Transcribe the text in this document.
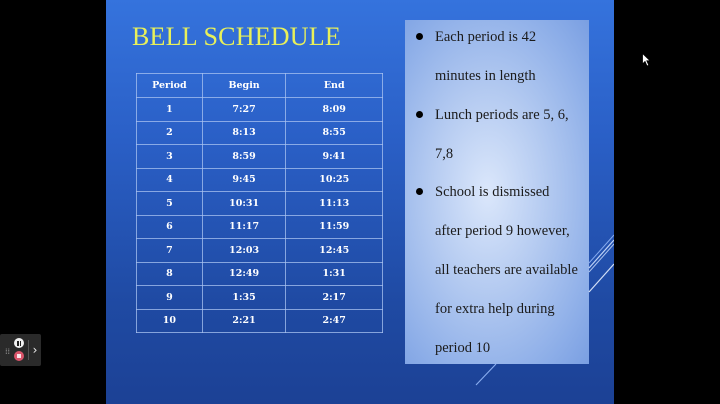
BELL SCHEDULE
Period	Begin	End
1	7:27	8:09
2	8:13	8:55
3	8:59	9:41
4	9:45	10:25
5	10:31	11:13
6	11:17	11:59
7	12:03	12:45
8	12:49	1:31
9	1:35	2:17
10	2:21	2:47
Each period is 42
minutes in length
Lunch periods are 5, 6,
7,8
School is dismissed
after period 9 however,
all teachers are available
for extra help during
period 10
⁞⁞	›
